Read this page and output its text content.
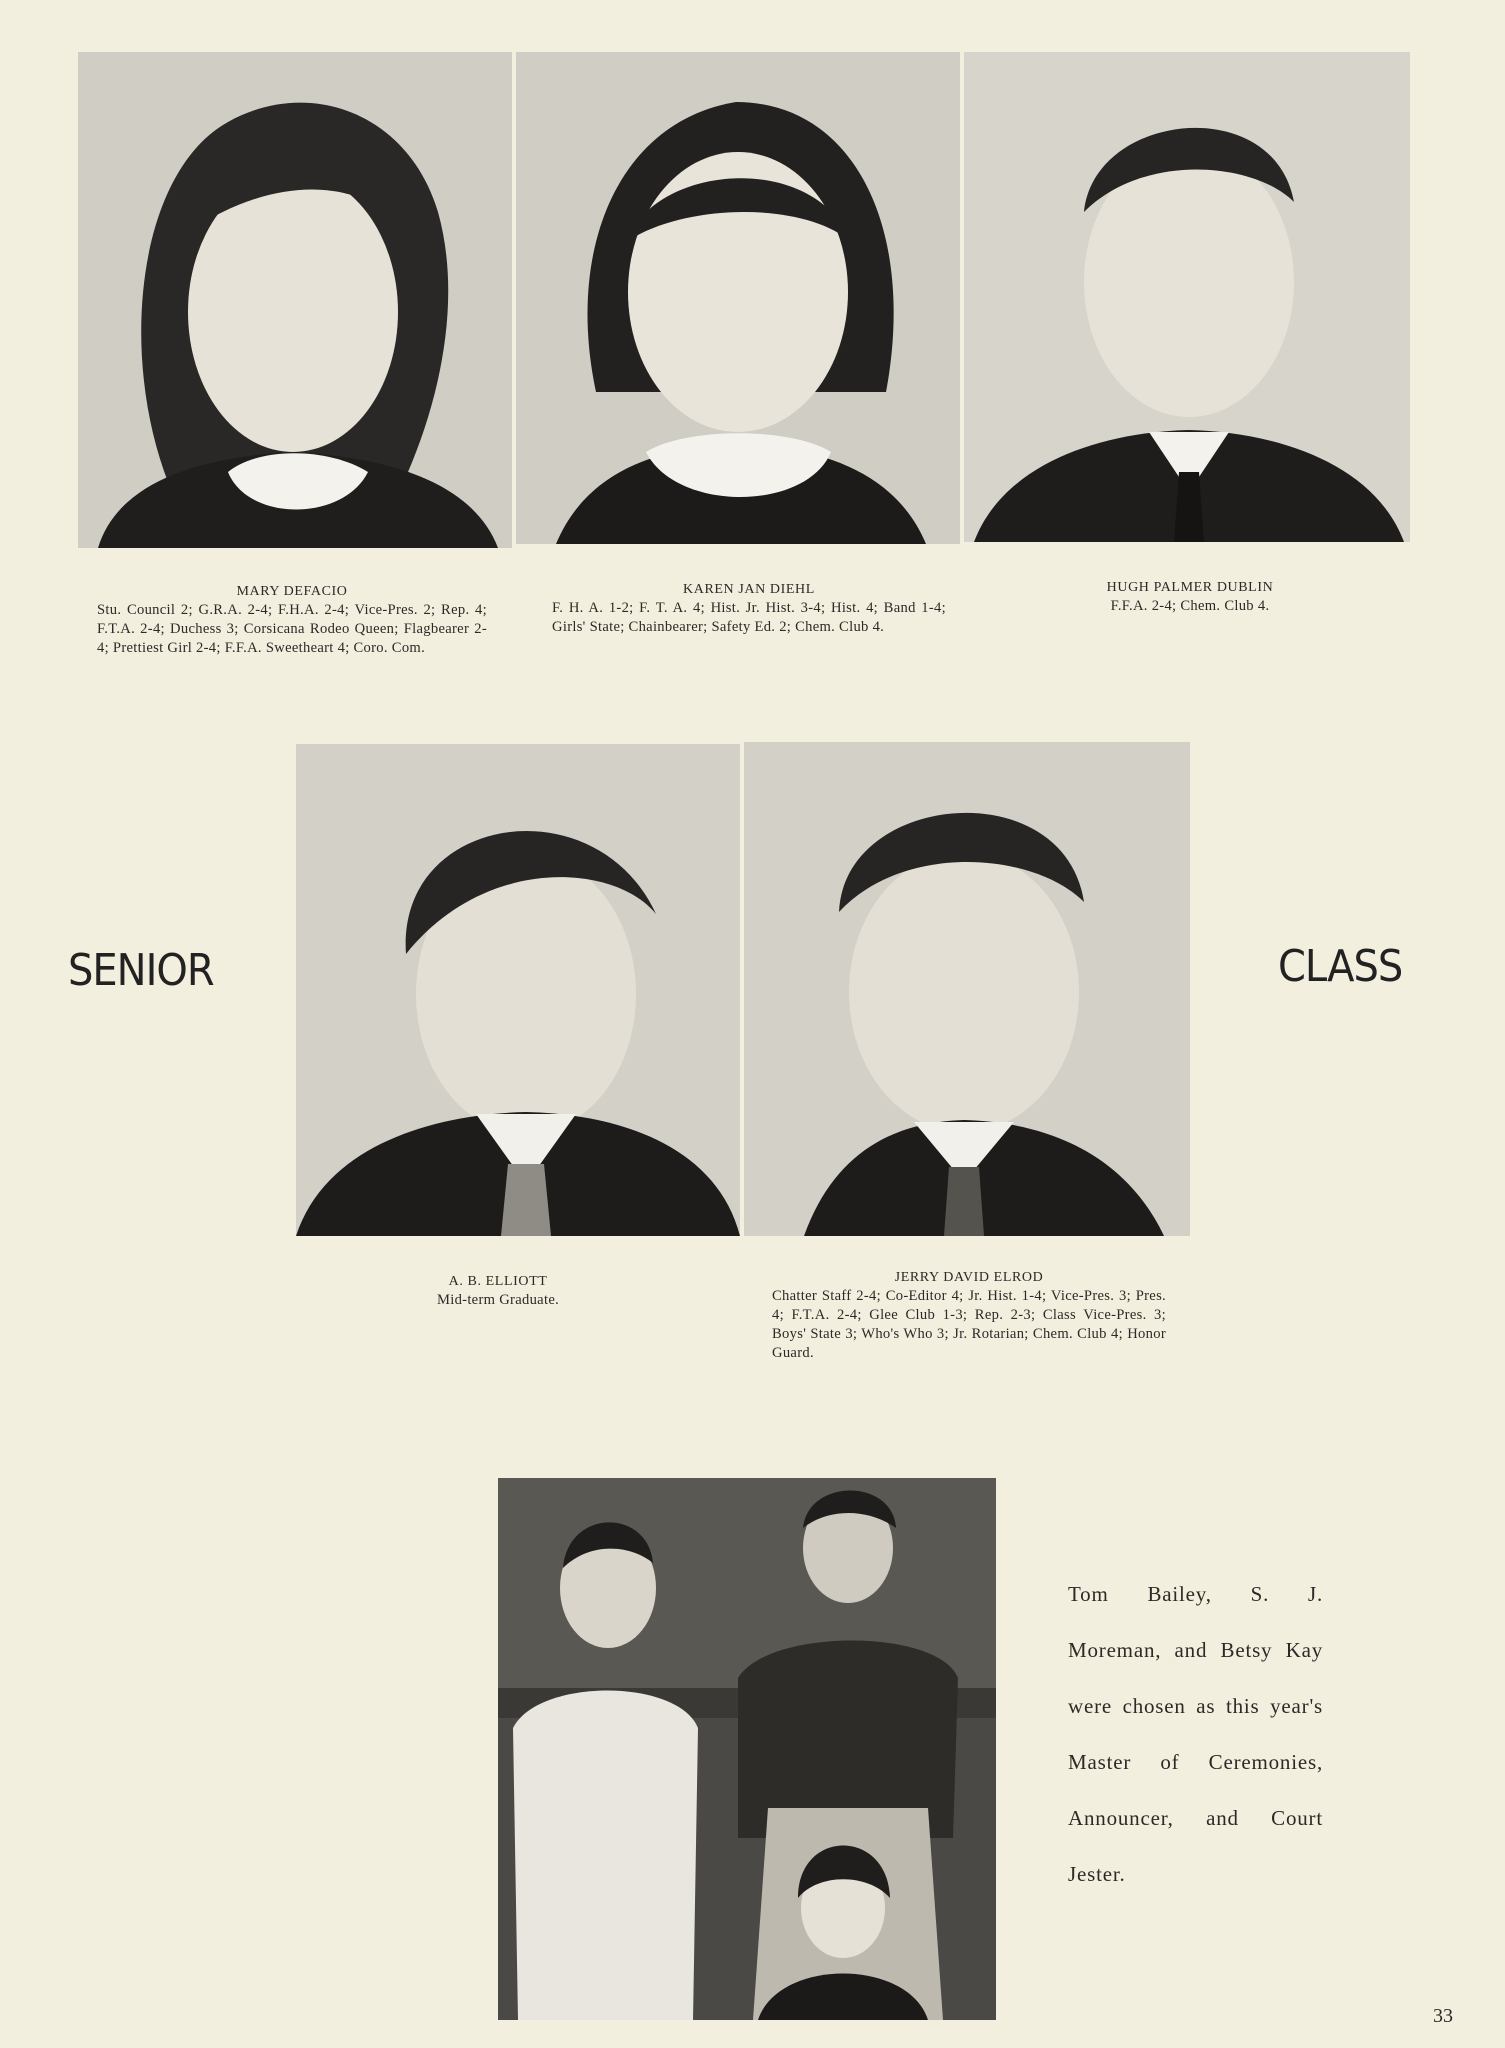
MARY DEFACIO
Stu. Council 2; G.R.A. 2-4; F.H.A. 2-4; Vice-Pres. 2; Rep. 4; F.T.A. 2-4; Duchess 3; Corsicana Rodeo Queen; Flagbearer 2-4; Prettiest Girl 2-4; F.F.A. Sweetheart 4; Coro. Com.
KAREN JAN DIEHL
F. H. A. 1-2; F. T. A. 4; Hist. Jr. Hist. 3-4; Hist. 4; Band 1-4; Girls' State; Chainbearer; Safety Ed. 2; Chem. Club 4.
HUGH PALMER DUBLIN
F.F.A. 2-4; Chem. Club 4.
SENIOR	CLASS
A. B. ELLIOTT
Mid-term Graduate.
JERRY DAVID ELROD
Chatter Staff 2-4; Co-Editor 4; Jr. Hist. 1-4; Vice-Pres. 3; Pres. 4; F.T.A. 2-4; Glee Club 1-3; Rep. 2-3; Class Vice-Pres. 3; Boys' State 3; Who's Who 3; Jr. Rotarian; Chem. Club 4; Honor Guard.

Tom Bailey, S. J. Moreman, and Betsy Kay were chosen as this year's Master of Ceremonies, Announcer, and Court Jester.

33
